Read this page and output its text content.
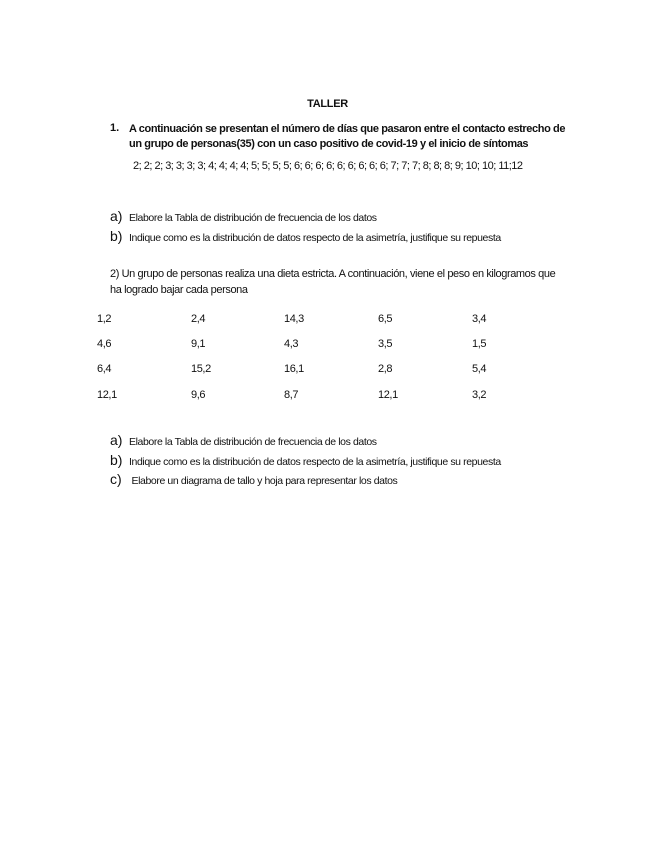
TALLER
1. A continuación se presentan el número de días que pasaron entre el contacto estrecho de un grupo de personas(35) con un caso positivo de covid-19 y el inicio de síntomas
2; 2; 2; 3; 3; 3; 3; 4; 4; 4; 4; 5; 5; 5; 5; 6; 6; 6; 6; 6; 6; 6; 6; 6; 7; 7; 7; 8; 8; 8; 9; 10; 10; 11;12
a) Elabore la Tabla de distribución de frecuencia de los datos
b) Indique como es la distribución de datos respecto de la asimetría, justifique su repuesta
2) Un grupo de personas realiza una dieta estricta. A continuación, viene el peso en kilogramos que ha logrado bajar cada persona
1,2	2,4	14,3	6,5	3,4
4,6	9,1	4,3	3,5	1,5
6,4	15,2	16,1	2,8	5,4
12,1	9,6	8,7	12,1	3,2
a) Elabore la Tabla de distribución de frecuencia de los datos
b) Indique como es la distribución de datos respecto de la asimetría, justifique su repuesta
c) Elabore un diagrama de tallo y hoja para representar los datos
